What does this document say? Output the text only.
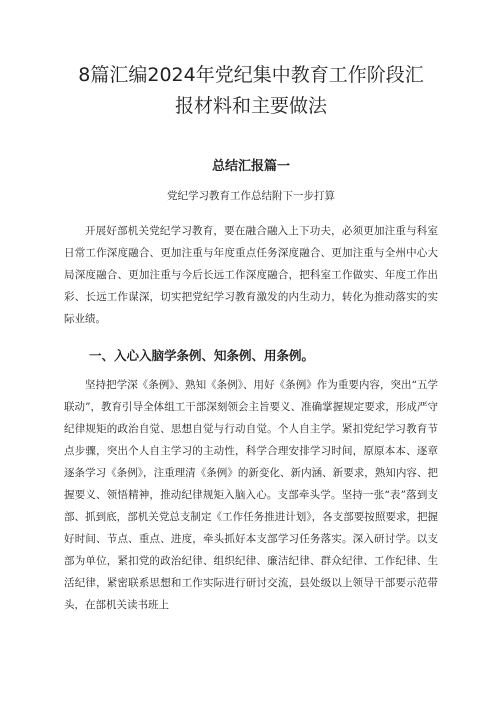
8篇汇编2024年党纪集中教育工作阶段汇
报材料和主要做法
总结汇报篇一

党纪学习教育工作总结附下一步打算

开展好部机关党纪学习教育，要在融合融入上下功夫，必须更加注重与科室日常工作深度融合、更加注重与年度重点任务深度融合、更加注重与全州中心大局深度融合、更加注重与今后长远工作深度融合，把科室工作做实、年度工作出彩、长远工作谋深，切实把党纪学习教育激发的内生动力，转化为推动落实的实际业绩。

一、入心入脑学条例、知条例、用条例。

坚持把学深《条例》、熟知《条例》、用好《条例》作为重要内容，突出“五学联动”，教育引导全体组工干部深刻领会主旨要义、准确掌握规定要求，形成严守纪律规矩的政治自觉、思想自觉与行动自觉。个人自主学。紧扣党纪学习教育节点步骤，突出个人自主学习的主动性，科学合理安排学习时间，原原本本、逐章逐条学习《条例》，注重理清《条例》的新变化、新内涵、新要求，熟知内容、把握要义、领悟精神，推动纪律规矩入脑入心。支部牵头学。坚持一张“表”落到支部、抓到底，部机关党总支制定《工作任务推进计划》，各支部要按照要求，把握好时间、节点、重点、进度，牵头抓好本支部学习任务落实。深入研讨学。以支部为单位，紧扣党的政治纪律、组织纪律、廉洁纪律、群众纪律、工作纪律、生活纪律，紧密联系思想和工作实际进行研讨交流，县处级以上领导干部要示范带头，在部机关读书班上
